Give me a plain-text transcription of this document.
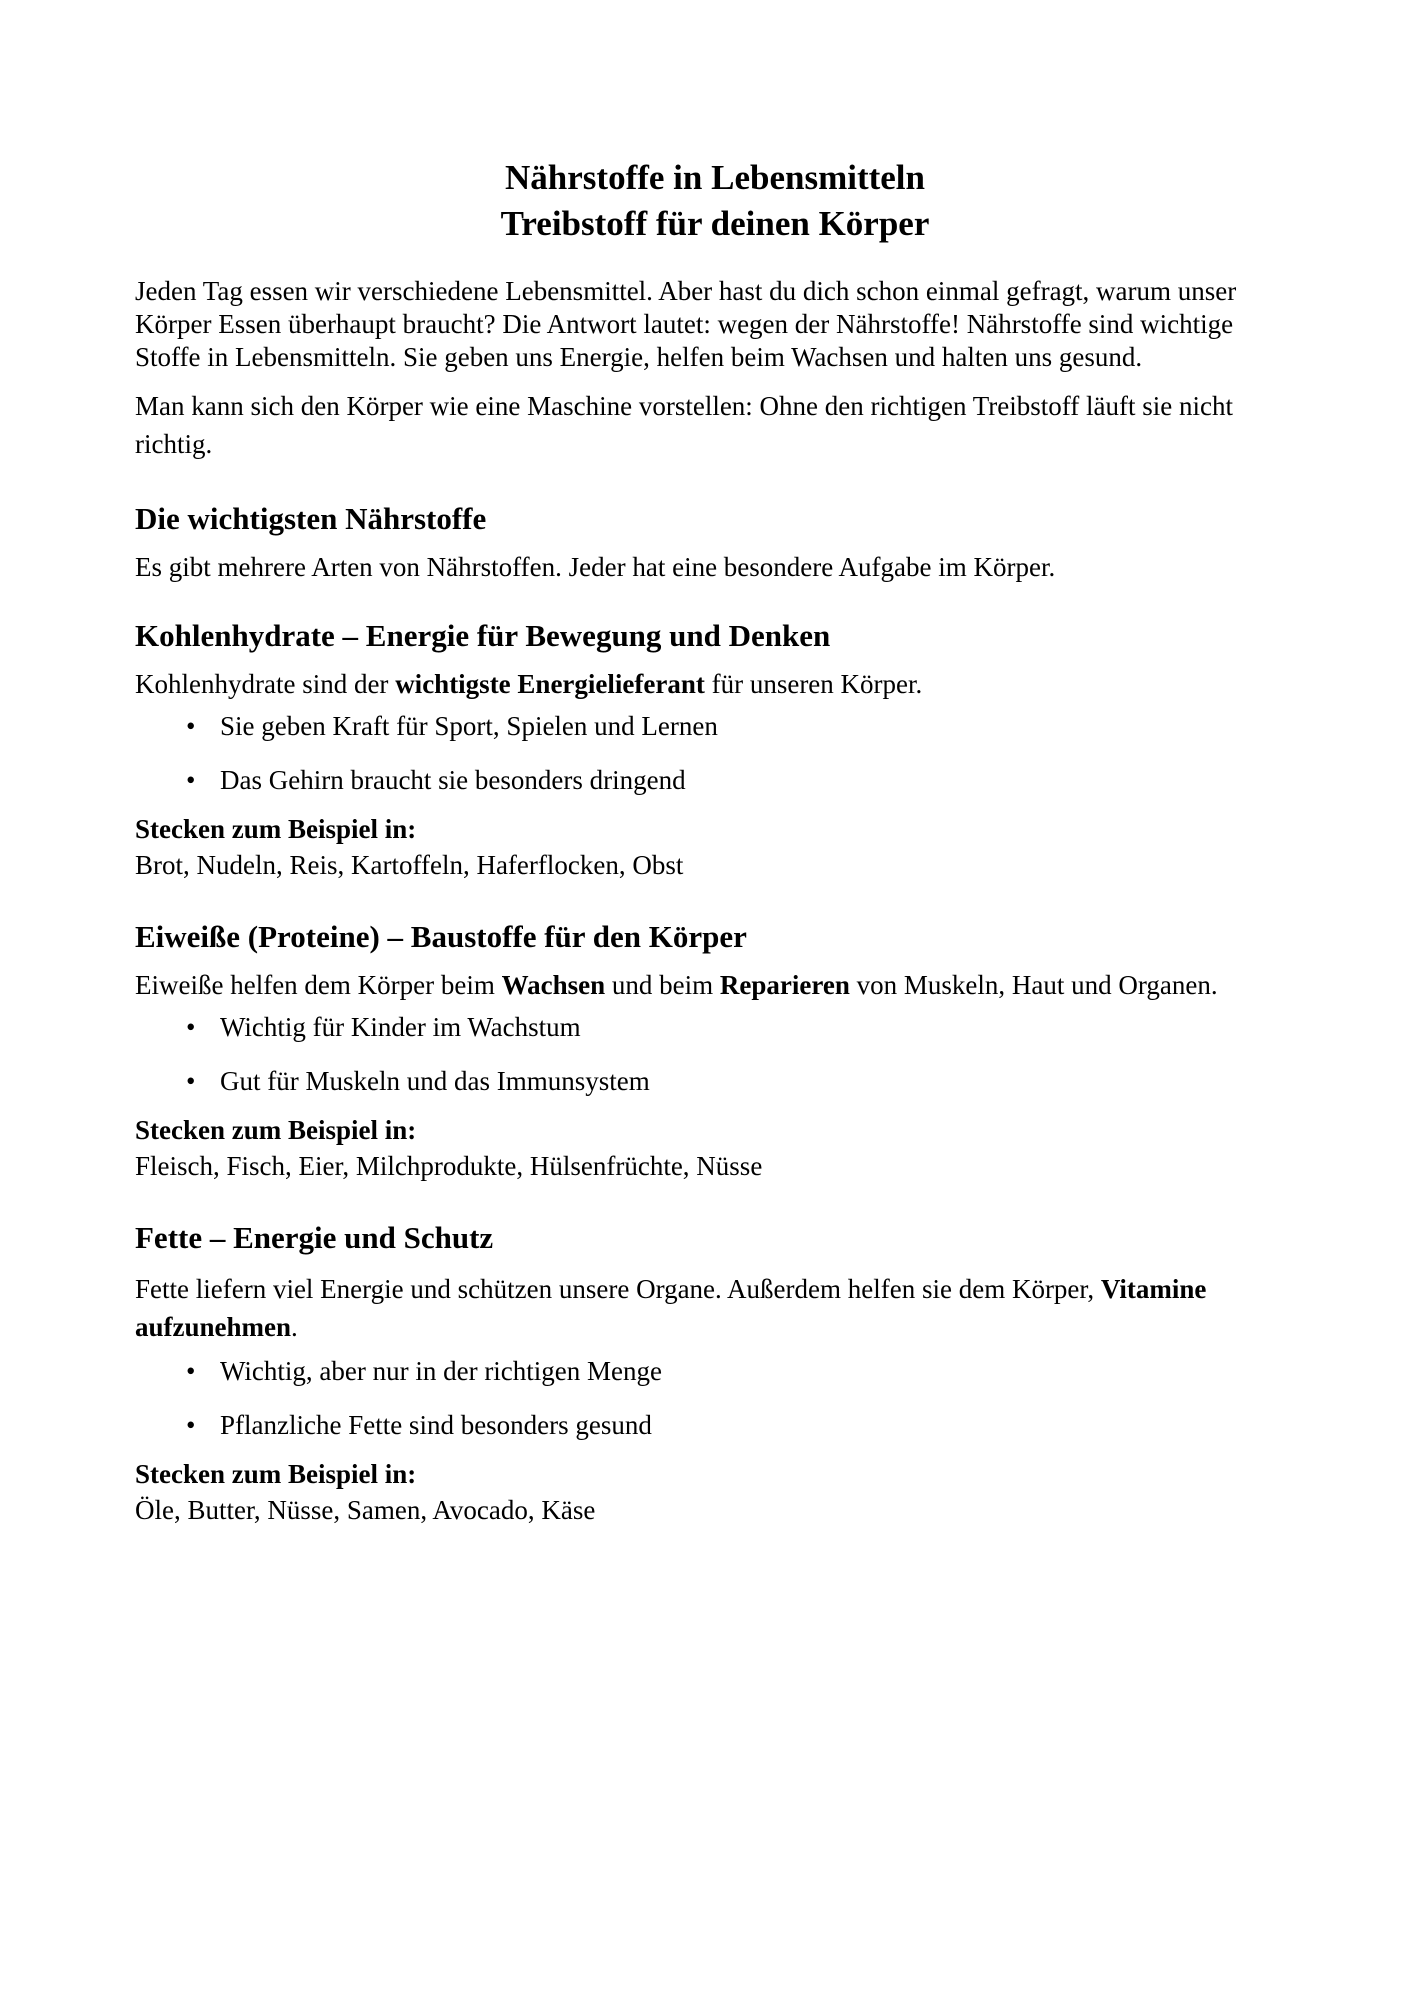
Nährstoffe in Lebensmitteln
Treibstoff für deinen Körper

Jeden Tag essen wir verschiedene Lebensmittel. Aber hast du dich schon einmal gefragt, warum unser Körper Essen überhaupt braucht? Die Antwort lautet: wegen der Nährstoffe! Nährstoffe sind wichtige Stoffe in Lebensmitteln. Sie geben uns Energie, helfen beim Wachsen und halten uns gesund.

Man kann sich den Körper wie eine Maschine vorstellen: Ohne den richtigen Treibstoff läuft sie nicht richtig.

Die wichtigsten Nährstoffe

Es gibt mehrere Arten von Nährstoffen. Jeder hat eine besondere Aufgabe im Körper.

Kohlenhydrate – Energie für Bewegung und Denken

Kohlenhydrate sind der wichtigste Energielieferant für unseren Körper.

• Sie geben Kraft für Sport, Spielen und Lernen
• Das Gehirn braucht sie besonders dringend
Stecken zum Beispiel in:
Brot, Nudeln, Reis, Kartoffeln, Haferflocken, Obst
Eiweiße (Proteine) – Baustoffe für den Körper

Eiweiße helfen dem Körper beim Wachsen und beim Reparieren von Muskeln, Haut und Organen.

• Wichtig für Kinder im Wachstum
• Gut für Muskeln und das Immunsystem
Stecken zum Beispiel in:
Fleisch, Fisch, Eier, Milchprodukte, Hülsenfrüchte, Nüsse
Fette – Energie und Schutz

Fette liefern viel Energie und schützen unsere Organe. Außerdem helfen sie dem Körper, Vitamine aufzunehmen.

• Wichtig, aber nur in der richtigen Menge
• Pflanzliche Fette sind besonders gesund
Stecken zum Beispiel in:
Öle, Butter, Nüsse, Samen, Avocado, Käse
